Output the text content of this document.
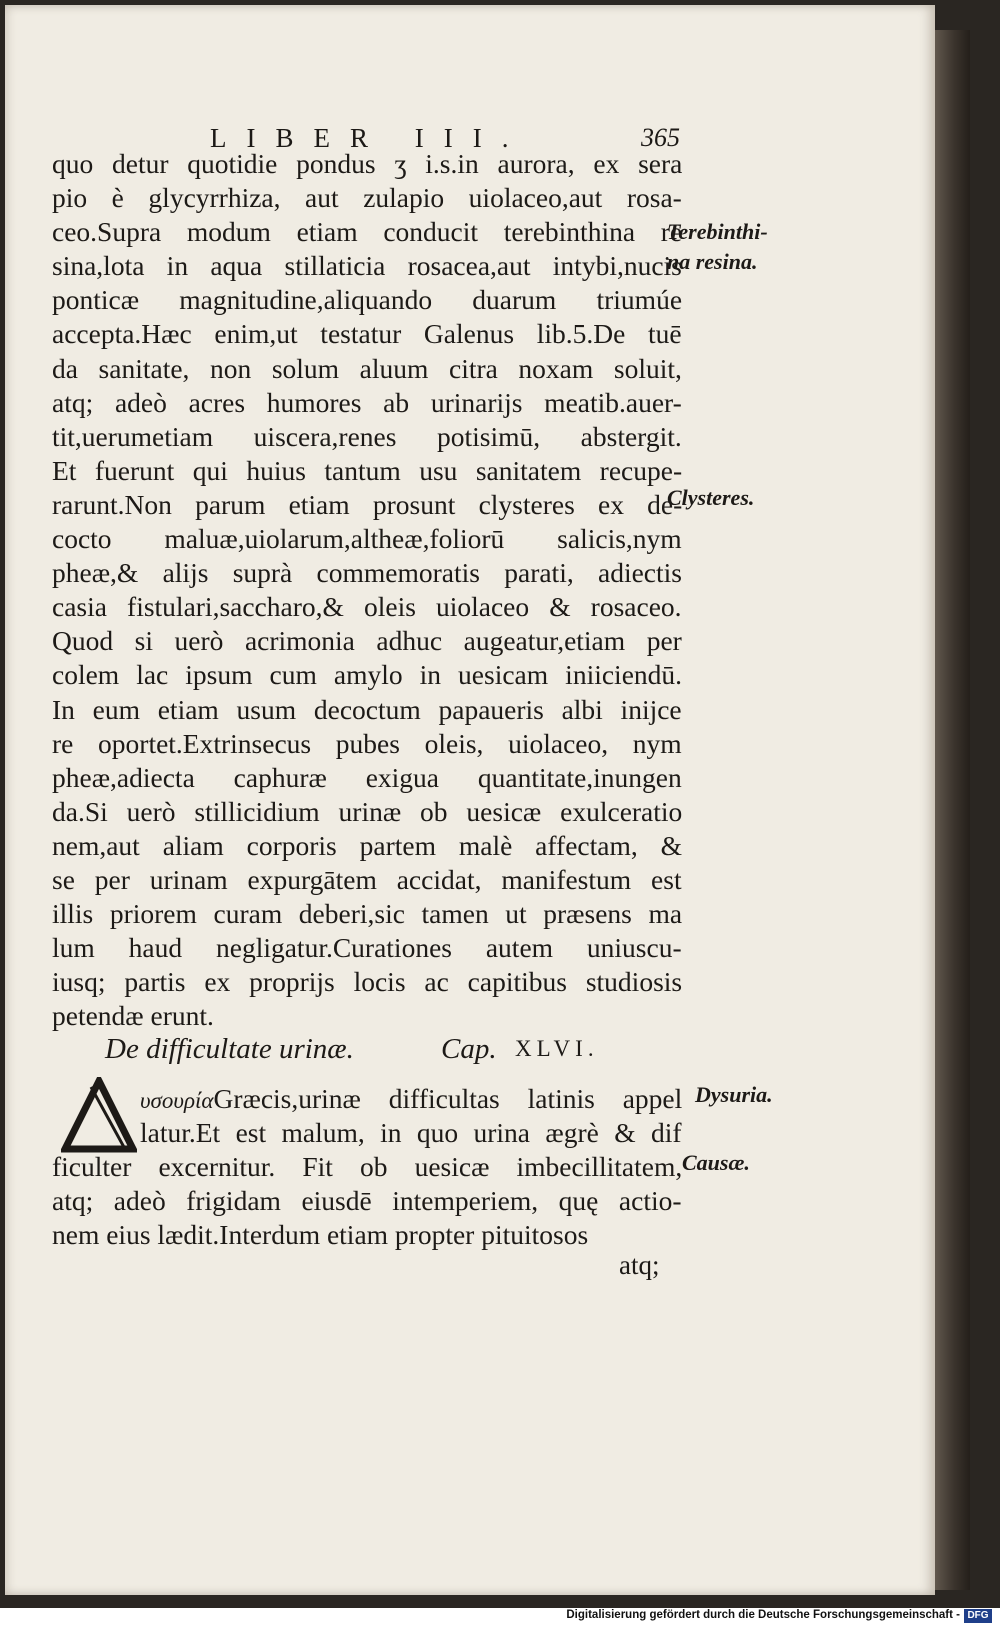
LIBER III.	365
quo detur quotidie pondus ʒ i.s.in aurora, ex sera
pio è glycyrrhiza, aut zulapio uiolaceo,aut rosa-
ceo.Supra modum etiam conducit terebinthina re
sina,lota in aqua stillaticia rosacea,aut intybi,nucis
ponticæ magnitudine,aliquando duarum triumúe
accepta.Hæc enim,ut testatur Galenus lib.5.De tuē
da sanitate, non solum aluum citra noxam soluit,
atq; adeò acres humores ab urinarijs meatib.auer-
tit,uerumetiam uiscera,renes potisimū, abstergit.
Et fuerunt qui huius tantum usu sanitatem recupe-
rarunt.Non parum etiam prosunt clysteres ex de-
cocto maluæ,uiolarum,altheæ,foliorū salicis,nym
pheæ,& alijs suprà commemoratis parati, adiectis
casia fistulari,saccharo,& oleis uiolaceo & rosaceo.
Quod si uerò acrimonia adhuc augeatur,etiam per
colem lac ipsum cum amylo in uesicam iniiciendū.
In eum etiam usum decoctum papaueris albi inijce
re oportet.Extrinsecus pubes oleis, uiolaceo, nym
pheæ,adiecta caphuræ exigua quantitate,inungen
da.Si uerò stillicidium urinæ ob uesicæ exulceratio
nem,aut aliam corporis partem malè affectam, &
se per urinam expurgātem accidat, manifestum est
illis priorem curam deberi,sic tamen ut præsens ma
lum haud negligatur.Curationes autem uniuscu-
iusq; partis ex proprijs locis ac capitibus studiosis
petendæ erunt.
Terebinthi-
na resina.
Clysteres.
Dysuria.
Causæ.
De difficultate urinæ.	Cap. XLVI.
υσουρίαGræcis,urinæ difficultas latinis appel
latur.Et est malum, in quo urina ægrè & dif
ficulter excernitur. Fit ob uesicæ imbecillitatem,
atq; adeò frigidam eiusdē intemperiem, quę actio-
nem eius lædit.Interdum etiam propter pituitosos
atq;
Digitalisierung gefördert durch die Deutsche Forschungsgemeinschaft - DFG
